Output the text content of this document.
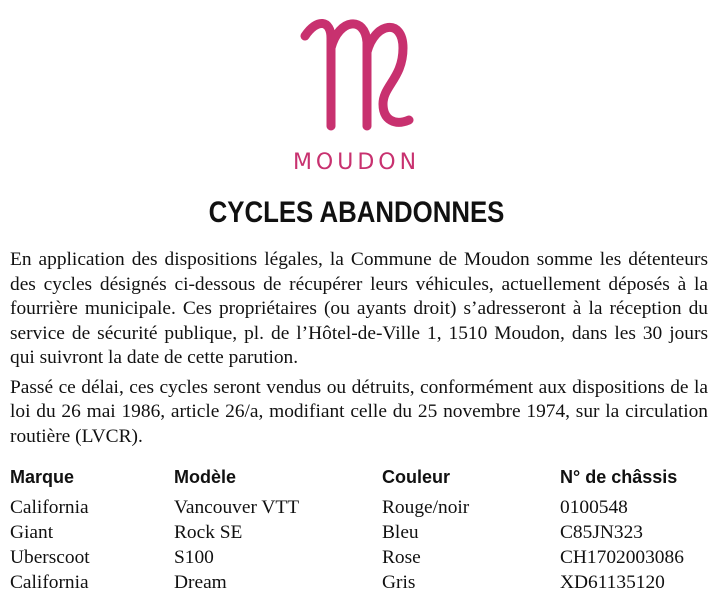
MOUDON
CYCLES ABANDONNES

En application des dispositions légales, la Commune de Moudon somme les détenteurs des cycles désignés ci-dessous de récupérer leurs véhicules, actuellement déposés à la fourrière municipale. Ces propriétaires (ou ayants droit) s’adresseront à la réception du service de sécurité publique, pl. de l’Hôtel-de-Ville 1, 1510 Moudon, dans les 30 jours qui suivront la date de cette parution.

Passé ce délai, ces cycles seront vendus ou détruits, conformément aux dispositions de la loi du 26 mai 1986, article 26/a, modifiant celle du 25 novembre 1974, sur la circulation routière (LVCR).

Marque	Modèle	Couleur	N° de châssis
California	Vancouver VTT	Rouge/noir	0100548
Giant	Rock SE	Bleu	C85JN323
Uberscoot	S100	Rose	CH1702003086
California	Dream	Gris	XD61135120
